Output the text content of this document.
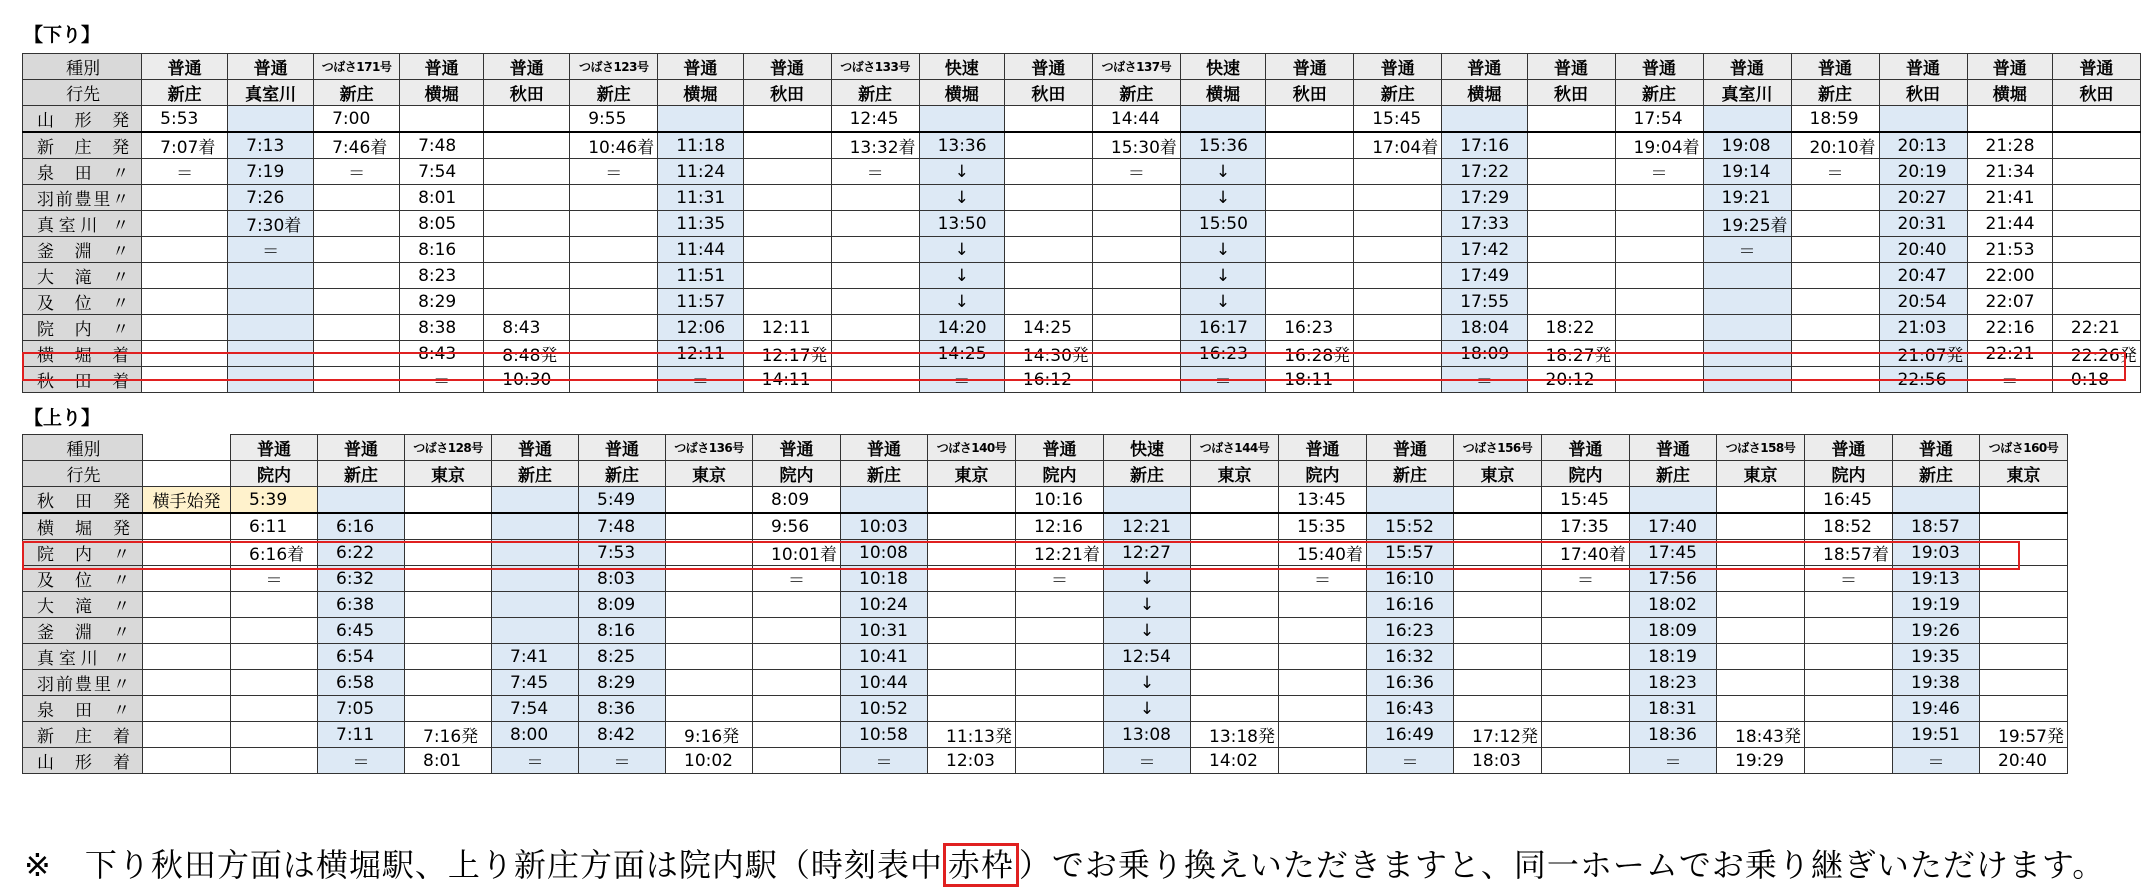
【下り】
種別	普通	普通	つばさ171号	普通	普通	つばさ123号	普通	普通	つばさ133号	快速	普通	つばさ137号	快速	普通	普通	普通	普通	普通	普通	普通	普通	普通	普通
行先	新庄	真室川	新庄	横堀	秋田	新庄	横堀	秋田	新庄	横堀	秋田	新庄	横堀	秋田	新庄	横堀	秋田	新庄	真室川	新庄	秋田	横堀	秋田
山 形 発	5:53		7:00			9:55			12:45			14:44			15:45			17:54		18:59			
新 庄 発	7:07着	7:13	7:46着	7:48		10:46着	11:18		13:32着	13:36		15:30着	15:36		17:04着	17:16		19:04着	19:08	20:10着	20:13	21:28	
泉 田 〃	＝	7:19	＝	7:54		＝	11:24		＝	↓		＝	↓			17:22		＝	19:14	＝	20:19	21:34	
羽前豊里〃		7:26		8:01			11:31			↓			↓			17:29			19:21		20:27	21:41	
真室川 〃		7:30着		8:05			11:35			13:50			15:50			17:33			19:25着		20:31	21:44	
釜 淵 〃		＝		8:16			11:44			↓			↓			17:42			＝		20:40	21:53	
大 滝 〃				8:23			11:51			↓			↓			17:49					20:47	22:00	
及 位 〃				8:29			11:57			↓			↓			17:55					20:54	22:07	
院 内 〃				8:38	8:43		12:06	12:11		14:20	14:25		16:17	16:23		18:04	18:22				21:03	22:16	22:21
横 堀 着				8:43	8:48発		12:11	12:17発		14:25	14:30発		16:23	16:28発		18:09	18:27発				21:07発	22:21	22:26発
秋 田 着				＝	10:30		＝	14:11		＝	16:12		＝	18:11		＝	20:12				22:56	＝	0:18
【上り】
種別		普通	普通	つばさ128号	普通	普通	つばさ136号	普通	普通	つばさ140号	普通	快速	つばさ144号	普通	普通	つばさ156号	普通	普通	つばさ158号	普通	普通	つばさ160号
行先		院内	新庄	東京	新庄	新庄	東京	院内	新庄	東京	院内	新庄	東京	院内	新庄	東京	院内	新庄	東京	院内	新庄	東京
秋 田 発	横手始発	5:39				5:49		8:09			10:16			13:45			15:45			16:45		
横 堀 発		6:11	6:16			7:48		9:56	10:03		12:16	12:21		15:35	15:52		17:35	17:40		18:52	18:57	
院 内 〃		6:16着	6:22			7:53		10:01着	10:08		12:21着	12:27		15:40着	15:57		17:40着	17:45		18:57着	19:03	
及 位 〃		＝	6:32			8:03		＝	10:18		＝	↓		＝	16:10		＝	17:56		＝	19:13	
大 滝 〃			6:38			8:09			10:24			↓			16:16			18:02			19:19	
釜 淵 〃			6:45			8:16			10:31			↓			16:23			18:09			19:26	
真室川 〃			6:54		7:41	8:25			10:41			12:54			16:32			18:19			19:35	
羽前豊里〃			6:58		7:45	8:29			10:44			↓			16:36			18:23			19:38	
泉 田 〃			7:05		7:54	8:36			10:52			↓			16:43			18:31			19:46	
新 庄 着			7:11	7:16発	8:00	8:42	9:16発		10:58	11:13発		13:08	13:18発		16:49	17:12発		18:36	18:43発		19:51	19:57発
山 形 着			＝	8:01	＝	＝	10:02		＝	12:03		＝	14:02		＝	18:03		＝	19:29		＝	20:40
※　下り秋田方面は横堀駅、上り新庄方面は院内駅（時刻表中 赤枠 ）でお乗り換えいただきますと、同一ホームでお乗り継ぎいただけます。
